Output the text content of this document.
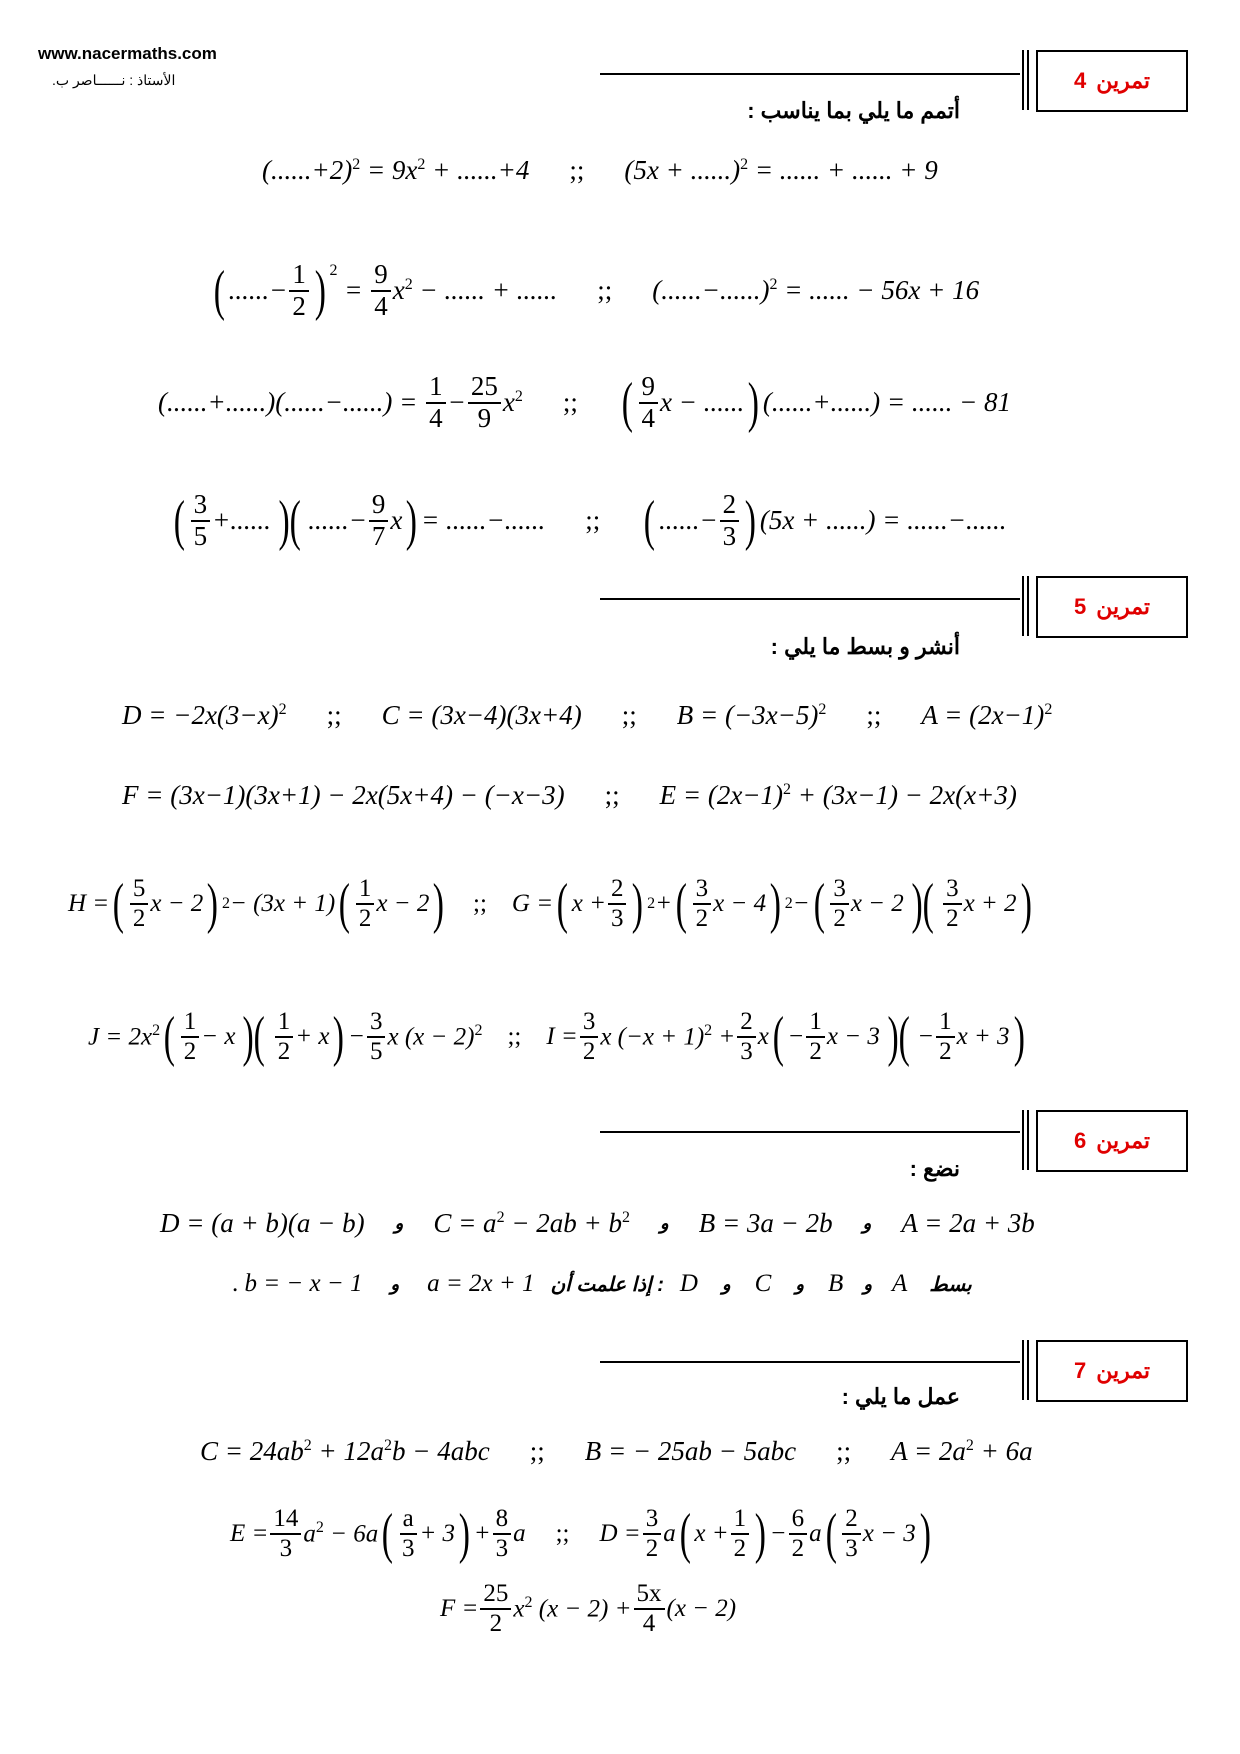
www.nacermaths.com
الأستاذ : نــــــاصر ب.	تمرين
4
أتمم ما يلي بما يناسب :
$(......+2)^2 = 9x^2 + ......+4$ ;; (5x + ......)$^2$ = ...... + ...... + 9
( ......− $\frac{1}{2}$ ) 2
= $\frac{9}{4} x^2$ − ...... + ...... ;; (......−......)$^2$ = ...... − 56x + 16
(......+......)(......−......) = $\frac{1}{4} - \frac{25}{9} x^2$ ;; ( $\frac{9}{4}$ x − ...... ) (......+......) = ...... − 81
( $\frac{3}{5}$ +...... )( ......− $\frac{9}{7}$ x ) = ......−...... ;; ( ......− $\frac{2}{3}$ ) (5x + ......) = ......−......
تمرين
5
أنشر و بسط ما يلي :
$D = -2x(3-x)^2$ ;; C = (3x−4)(3x+4) ;; $B = (-3x-5)^2$ ;; $A = (2x-1)^2$
F = (3x−1)(3x+1) − 2x(5x+4) − (−x−3) ;; $E = (2x-1)^2 + (3x-1) - 2x(x+3)$
H = ( $\frac{5}{2}$ x − 2 ) 2 − (3x + 1) ( $\frac{1}{2}$ x − 2 ) ;; G = ( $x + \frac{2}{3}$ ) 2 + ( $\frac{3}{2}$ x − 4 ) 2 − ( $\frac{3}{2}$ x − 2 )( $\frac{3}{2}$ x + 2 )
$J = 2x^2$ ( $\frac{1}{2} - x$ )( $\frac{1}{2} + x$ ) − $\frac{3}{5}$ x $(x - 2)^2$ ;; $I = \frac{3}{2}$ x $(-x + 1)^2 + \frac{2}{3}$ x ( − $\frac{1}{2}$ x − 3 )( − $\frac{1}{2}$ x + 3 )
تمرين
6
نضع :
D = (a + b)(a − b) و $C = a^2 - 2ab + b^2$ و B = 3a − 2b و A = 2a + 3b
.
b = − x − 1 و a = 2x + 1 : إذا علمت أن D و C و B و A بسط
تمرين
7
عمل ما يلي :
$C = 24ab^2 + 12a^2b - 4abc$ ;; B = − 25ab − 5abc ;; $A = 2a^2 + 6a$
$E = \frac{14}{3} a^2 - 6a$ ( $\frac{a}{3} + 3$ ) + $\frac{8}{3}$ a ;; $D = \frac{3}{2}$ a ( $x + \frac{1}{2}$ ) − $\frac{6}{2}$ a ( $\frac{2}{3}$ x − 3 )
$F = \frac{25}{2} x^2$ $(x - 2) + \frac{5x}{4} (x - 2)$
